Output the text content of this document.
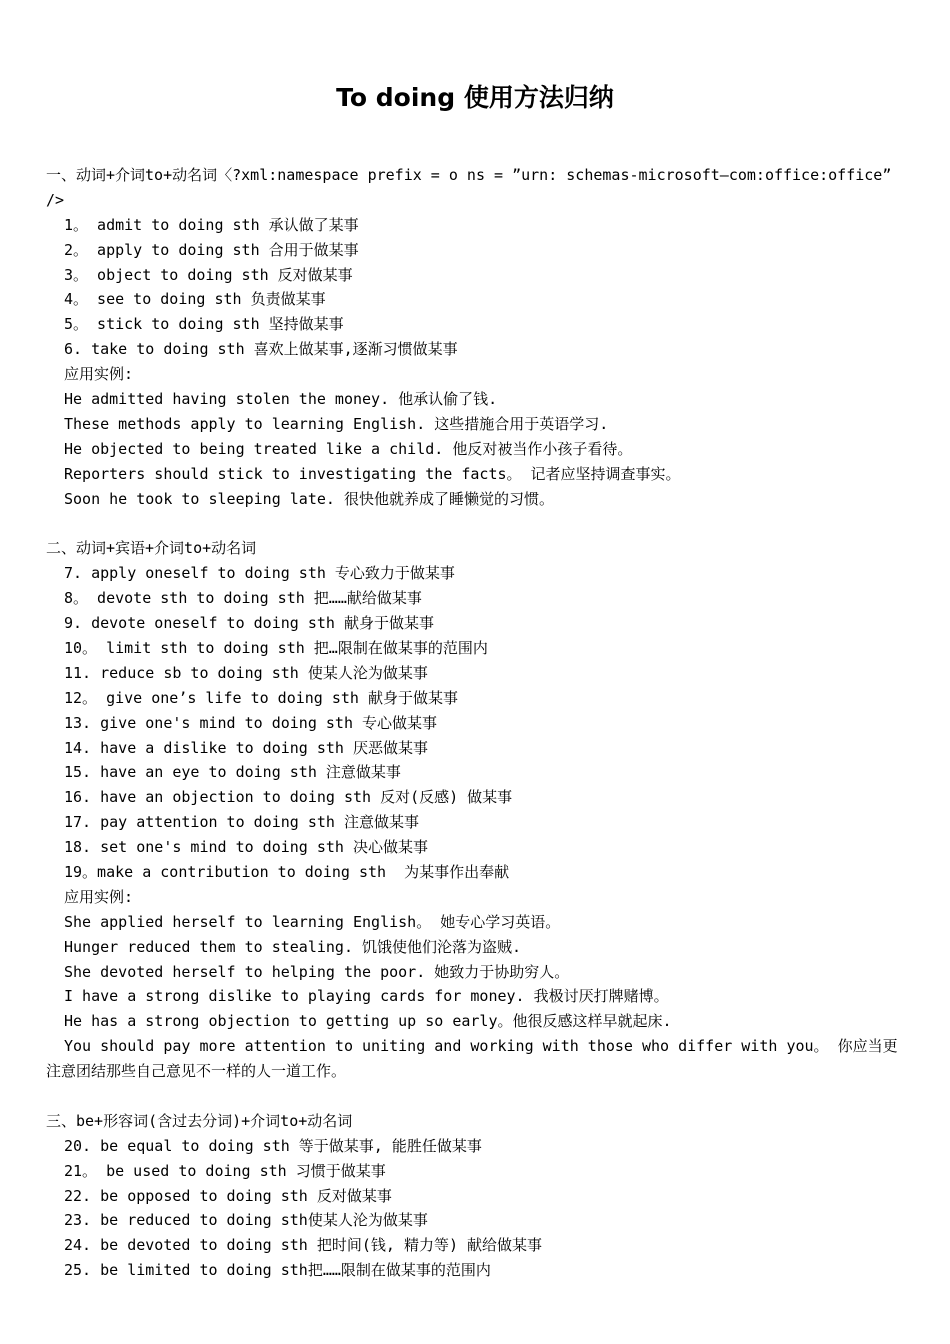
To doing 使用方法归纳
一、动词+介词to+动名词〈?xml:namespace prefix = o ns = ”urn: schemas-microsoft—com:office:office” />
1。 admit to doing sth 承认做了某事
2。 apply to doing sth 合用于做某事
3。 object to doing sth 反对做某事
4。 see to doing sth 负责做某事
5。 stick to doing sth 坚持做某事
6. take to doing sth 喜欢上做某事,逐渐习惯做某事
应用实例:
He admitted having stolen the money. 他承认偷了钱.
These methods apply to learning English. 这些措施合用于英语学习.
He objected to being treated like a child. 他反对被当作小孩子看待。
Reporters should stick to investigating the facts。 记者应坚持调查事实。
Soon he took to sleeping late. 很快他就养成了睡懒觉的习惯。
二、动词+宾语+介词to+动名词
7. apply oneself to doing sth 专心致力于做某事
8。 devote sth to doing sth 把……献给做某事
9. devote oneself to doing sth 献身于做某事
10。 limit sth to doing sth 把…限制在做某事的范围内
11. reduce sb to doing sth 使某人沦为做某事
12。 give one’s life to doing sth 献身于做某事
13. give one's mind to doing sth 专心做某事
14. have a dislike to doing sth 厌恶做某事
15. have an eye to doing sth 注意做某事
16. have an objection to doing sth 反对(反感) 做某事
17. pay attention to doing sth 注意做某事
18. set one's mind to doing sth 决心做某事
19。make a contribution to doing sth  为某事作出奉献
应用实例:
She applied herself to learning English。 她专心学习英语。
Hunger reduced them to stealing. 饥饿使他们沦落为盗贼.
She devoted herself to helping the poor. 她致力于协助穷人。
I have a strong dislike to playing cards for money. 我极讨厌打牌赌博。
He has a strong objection to getting up so early。他很反感这样早就起床.
You should pay more attention to uniting and working with those who differ with you。 你应当更注意团结那些自己意见不一样的人一道工作。
三、be+形容词(含过去分词)+介词to+动名词
20. be equal to doing sth 等于做某事, 能胜任做某事
21。 be used to doing sth 习惯于做某事
22. be opposed to doing sth 反对做某事
23. be reduced to doing sth使某人沦为做某事
24. be devoted to doing sth 把时间(钱, 精力等) 献给做某事
25. be limited to doing sth把……限制在做某事的范围内
